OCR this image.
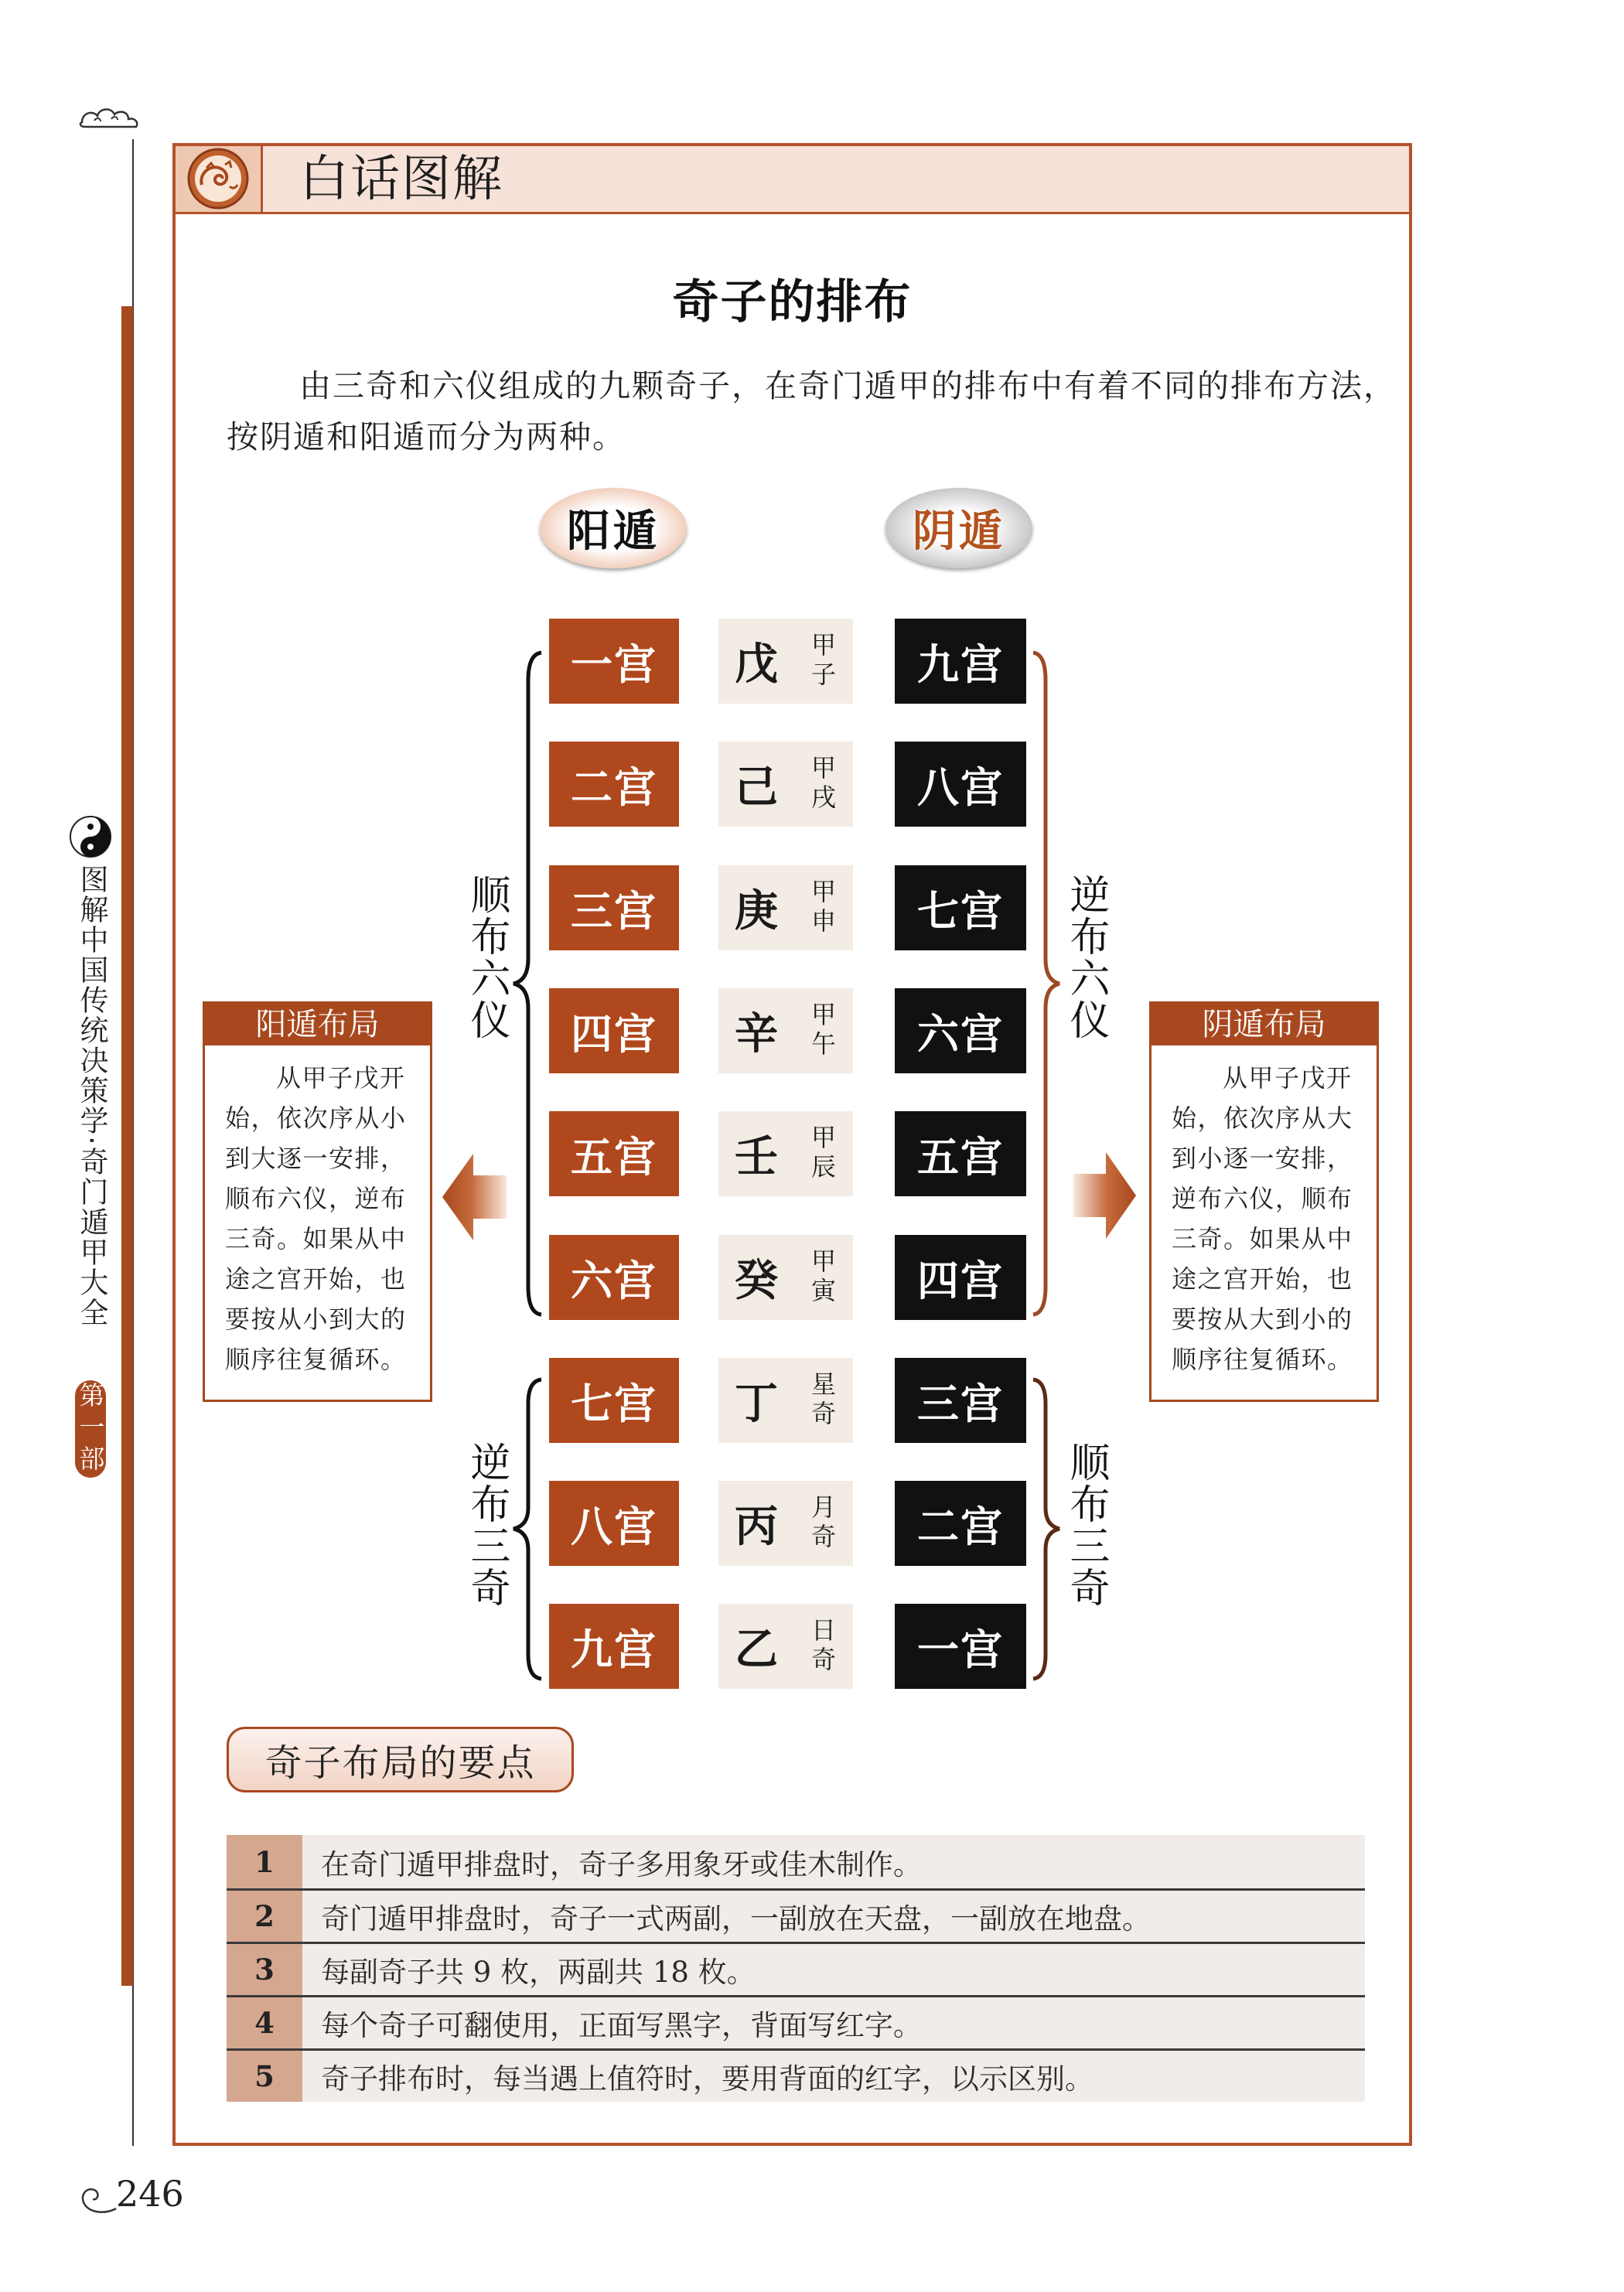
图解中国传统决策学·奇门遁甲大全
第一部
246
白话图解
奇子的排布
由三奇和六仪组成的九颗奇子，在奇门遁甲的排布中有着不同的排布方法，
按阴遁和阳遁而分为两种。
阳遁	阴遁
一宫	戊	甲子	九宫
二宫	己	甲戌	八宫
三宫	庚	甲申	七宫
四宫	辛	甲午	六宫
五宫	壬	甲辰	五宫
六宫	癸	甲寅	四宫
七宫	丁	星奇	三宫
八宫	丙	月奇	二宫
九宫	乙	日奇	一宫
顺布六仪
逆布三奇
逆布六仪
顺布三奇
阳遁布局
从甲子戊开
始，依次序从小
到大逐一安排，
顺布六仪，逆布
三奇。如果从中
途之宫开始，也
要按从小到大的
顺序往复循环。
阴遁布局
从甲子戊开
始，依次序从大
到小逐一安排，
逆布六仪，顺布
三奇。如果从中
途之宫开始，也
要按从大到小的
顺序往复循环。
奇子布局的要点
1	在奇门遁甲排盘时，奇子多用象牙或佳木制作。
2	奇门遁甲排盘时，奇子一式两副，一副放在天盘，一副放在地盘。
3	每副奇子共 9 枚，两副共 18 枚。
4	每个奇子可翻使用，正面写黑字，背面写红字。
5	奇子排布时，每当遇上值符时，要用背面的红字，以示区别。
